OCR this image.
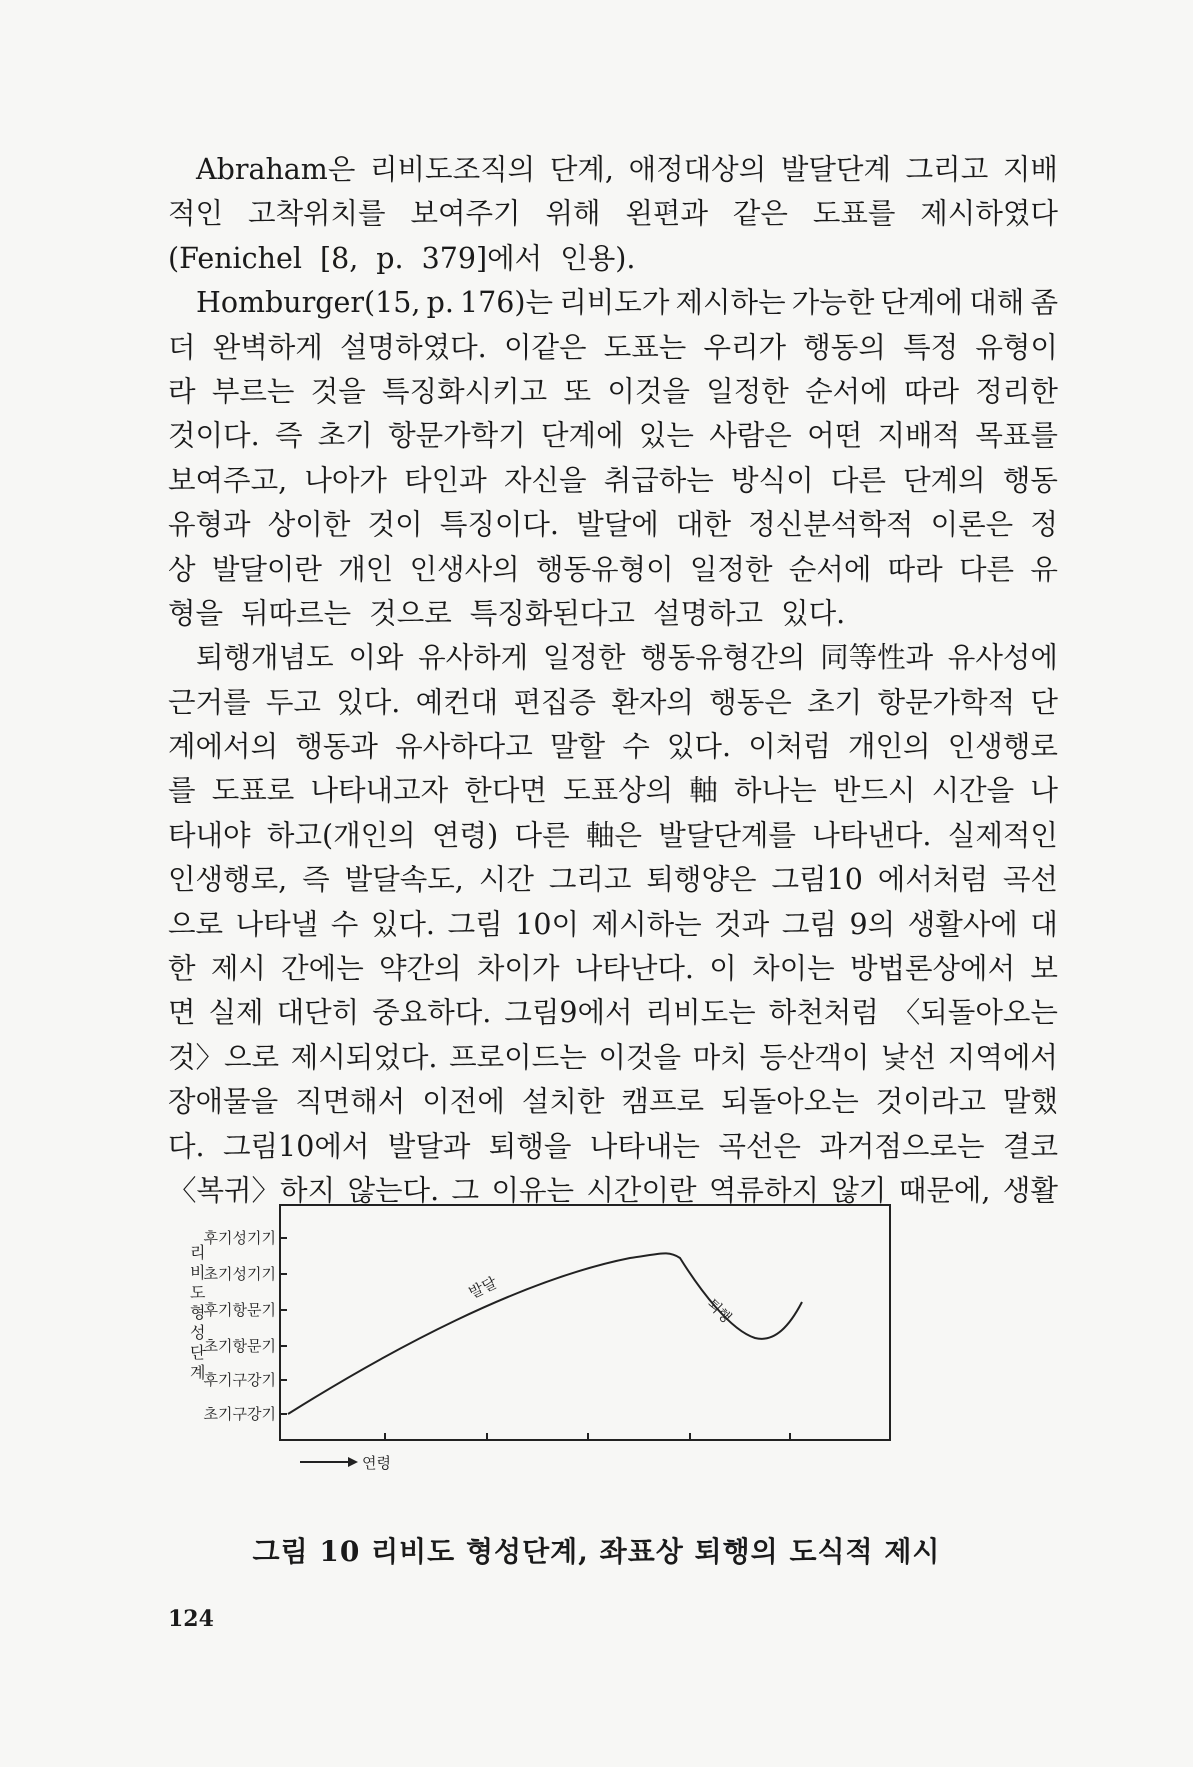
Abraham은 리비도조직의 단계, 애정대상의 발달단계 그리고 지배
적인 고착위치를 보여주기 위해 왼편과 같은 도표를 제시하였다
(Fenichel [8, p. 379]에서 인용).
Homburger(15, p. 176)는 리비도가 제시하는 가능한 단계에 대해 좀
더 완벽하게 설명하였다. 이같은 도표는 우리가 행동의 특정 유형이
라 부르는 것을 특징화시키고 또 이것을 일정한 순서에 따라 정리한
것이다. 즉 초기 항문가학기 단계에 있는 사람은 어떤 지배적 목표를
보여주고, 나아가 타인과 자신을 취급하는 방식이 다른 단계의 행동
유형과 상이한 것이 특징이다. 발달에 대한 정신분석학적 이론은 정
상 발달이란 개인 인생사의 행동유형이 일정한 순서에 따라 다른 유
형을 뒤따르는 것으로 특징화된다고 설명하고 있다.
퇴행개념도 이와 유사하게 일정한 행동유형간의 同等性과 유사성에
근거를 두고 있다. 예컨대 편집증 환자의 행동은 초기 항문가학적 단
계에서의 행동과 유사하다고 말할 수 있다. 이처럼 개인의 인생행로
를 도표로 나타내고자 한다면 도표상의 軸 하나는 반드시 시간을 나
타내야 하고(개인의 연령) 다른 軸은 발달단계를 나타낸다. 실제적인
인생행로, 즉 발달속도, 시간 그리고 퇴행양은 그림10 에서처럼 곡선
으로 나타낼 수 있다. 그림 10이 제시하는 것과 그림 9의 생활사에 대
한 제시 간에는 약간의 차이가 나타난다. 이 차이는 방법론상에서 보
면 실제 대단히 중요하다. 그림9에서 리비도는 하천처럼 〈되돌아오는
것〉으로 제시되었다. 프로이드는 이것을 마치 등산객이 낯선 지역에서
장애물을 직면해서 이전에 설치한 캠프로 되돌아오는 것이라고 말했
다. 그림10에서 발달과 퇴행을 나타내는 곡선은 과거점으로는 결코
〈복귀〉하지 않는다. 그 이유는 시간이란 역류하지 않기 때문에, 생활
후기성기기
초기성기기
후기항문기
초기항문기
후기구강기
초기구강기
리 비 도 형 성 단 계
발달
퇴행
연령
그림 10 리비도 형성단계, 좌표상 퇴행의 도식적 제시
124
